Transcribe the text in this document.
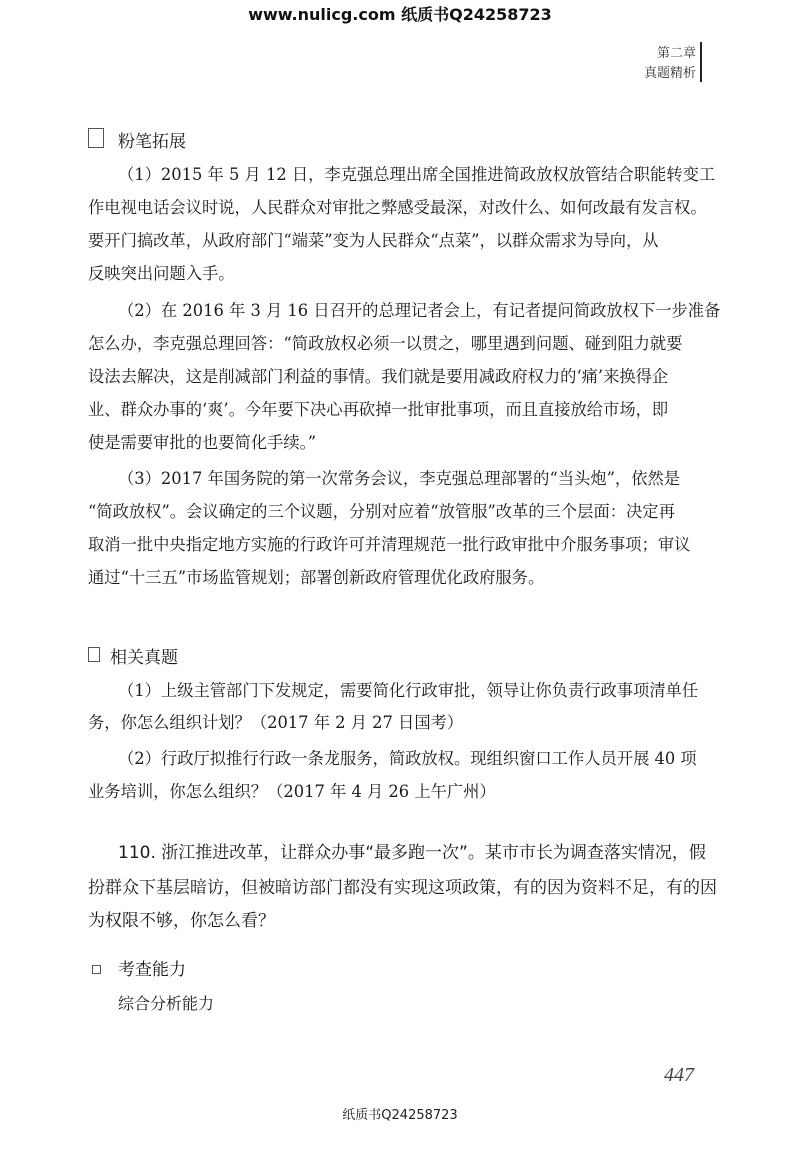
www.nulicg.com 纸质书Q24258723
第二章
真题精析
粉笔拓展
（1）2015 年 5 月 12 日，李克强总理出席全国推进简政放权放管结合职能转变工
作电视电话会议时说，人民群众对审批之弊感受最深，对改什么、如何改最有发言权。
要开门搞改革，从政府部门“端菜”变为人民群众“点菜”，以群众需求为导向，从
反映突出问题入手。
（2）在 2016 年 3 月 16 日召开的总理记者会上，有记者提问简政放权下一步准备
怎么办，李克强总理回答：“简政放权必须一以贯之，哪里遇到问题、碰到阻力就要
设法去解决，这是削减部门利益的事情。我们就是要用减政府权力的‘痛’来换得企
业、群众办事的‘爽’。今年要下决心再砍掉一批审批事项，而且直接放给市场，即
使是需要审批的也要简化手续。”
（3）2017 年国务院的第一次常务会议，李克强总理部署的“当头炮”，依然是
“简政放权”。会议确定的三个议题，分别对应着“放管服”改革的三个层面：决定再
取消一批中央指定地方实施的行政许可并清理规范一批行政审批中介服务事项；审议
通过“十三五”市场监管规划；部署创新政府管理优化政府服务。
相关真题
（1）上级主管部门下发规定，需要简化行政审批，领导让你负责行政事项清单任
务，你怎么组织计划？（2017 年 2 月 27 日国考）
（2）行政厅拟推行行政一条龙服务，简政放权。现组织窗口工作人员开展 40 项
业务培训，你怎么组织？（2017 年 4 月 26 上午广州）
110. 浙江推进改革，让群众办事“最多跑一次”。某市市长为调查落实情况，假
扮群众下基层暗访，但被暗访部门都没有实现这项政策，有的因为资料不足，有的因
为权限不够，你怎么看？
考查能力
综合分析能力
447
纸质书Q24258723
